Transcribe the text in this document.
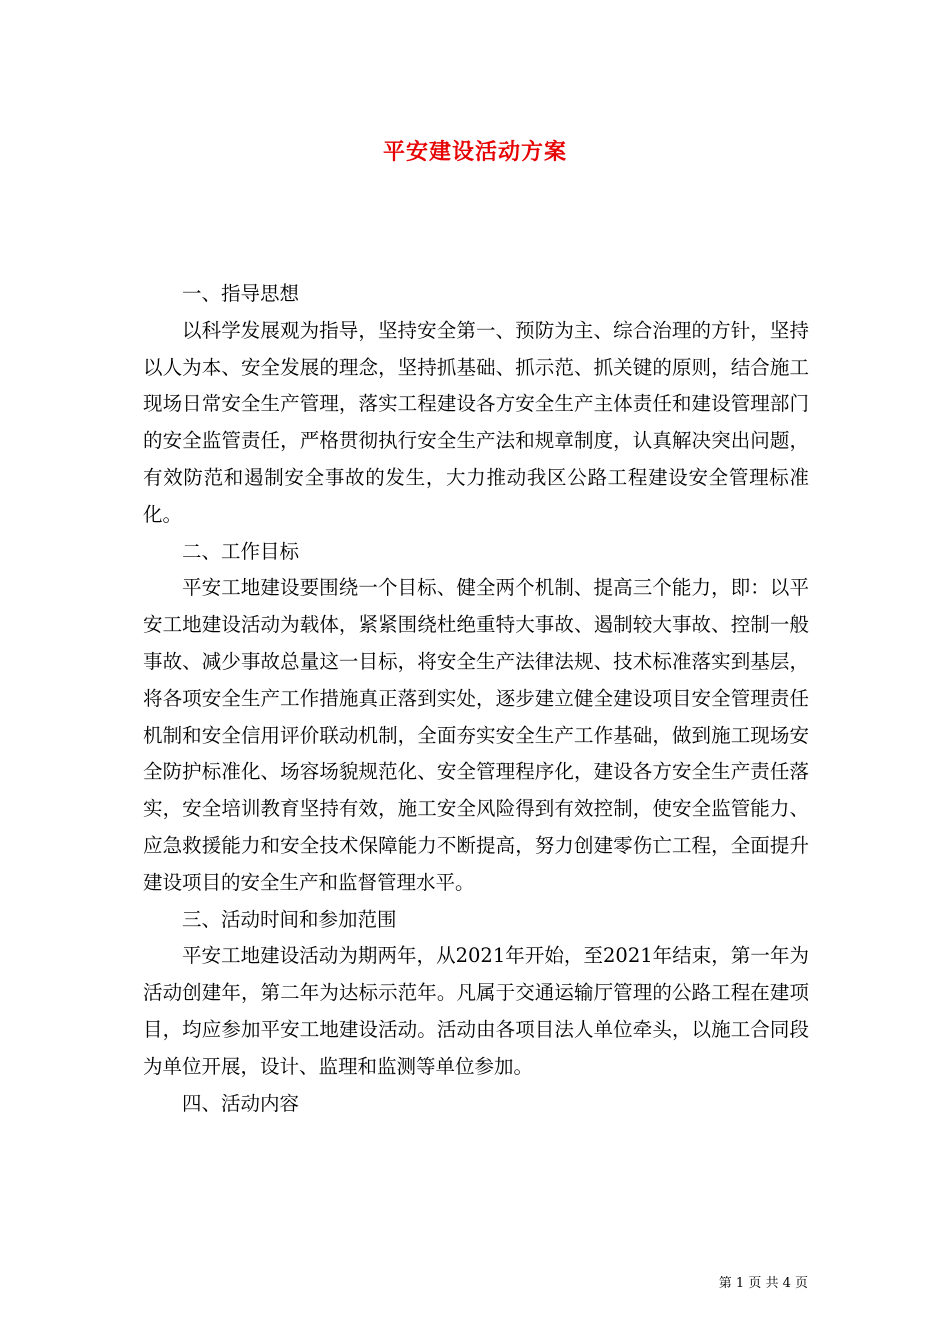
平安建设活动方案

一、指导思想

以科学发展观为指导，坚持安全第一、预防为主、综合治理的方针，坚持以人为本、安全发展的理念，坚持抓基础、抓示范、抓关键的原则，结合施工现场日常安全生产管理，落实工程建设各方安全生产主体责任和建设管理部门的安全监管责任，严格贯彻执行安全生产法和规章制度，认真解决突出问题，有效防范和遏制安全事故的发生，大力推动我区公路工程建设安全管理标准化。

二、工作目标

平安工地建设要围绕一个目标、健全两个机制、提高三个能力，即：以平安工地建设活动为载体，紧紧围绕杜绝重特大事故、遏制较大事故、控制一般事故、减少事故总量这一目标，将安全生产法律法规、技术标准落实到基层，将各项安全生产工作措施真正落到实处，逐步建立健全建设项目安全管理责任机制和安全信用评价联动机制，全面夯实安全生产工作基础，做到施工现场安全防护标准化、场容场貌规范化、安全管理程序化，建设各方安全生产责任落实，安全培训教育坚持有效，施工安全风险得到有效控制，使安全监管能力、应急救援能力和安全技术保障能力不断提高，努力创建零伤亡工程，全面提升建设项目的安全生产和监督管理水平。

三、活动时间和参加范围

平安工地建设活动为期两年，从2021年开始，至2021年结束，第一年为活动创建年，第二年为达标示范年。凡属于交通运输厅管理的公路工程在建项目，均应参加平安工地建设活动。活动由各项目法人单位牵头，以施工合同段为单位开展，设计、监理和监测等单位参加。

四、活动内容

第 1 页 共 4 页
